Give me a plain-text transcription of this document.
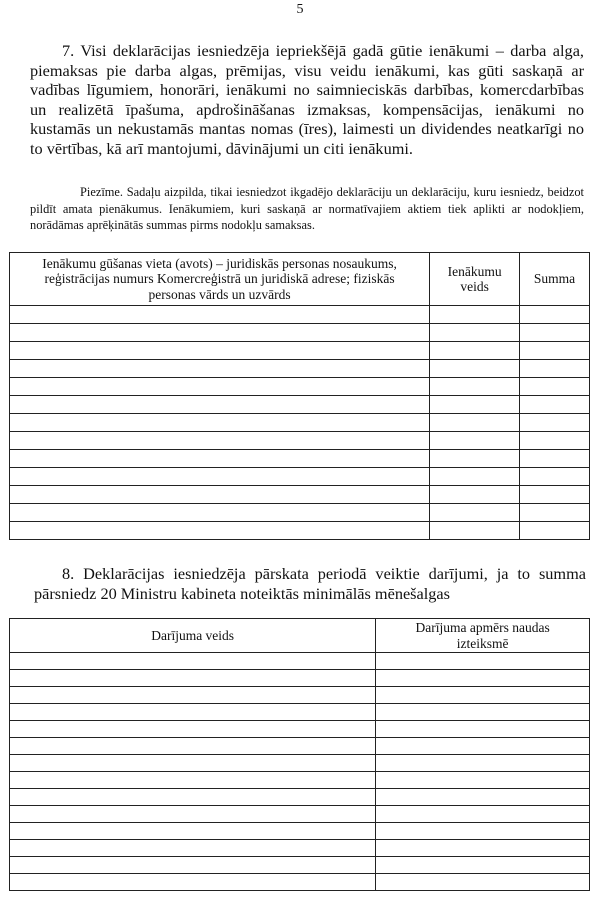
5

7. Visi deklarācijas iesniedzēja iepriekšējā gadā gūtie ienākumi – darba alga, piemaksas pie darba algas, prēmijas, visu veidu ienākumi, kas gūti saskaņā ar vadības līgumiem, honorāri, ienākumi no saimnieciskās darbības, komercdarbības un realizētā īpašuma, apdrošināšanas izmaksas, kompensācijas, ienākumi no kustamās un nekustamās mantas nomas (īres), laimesti un dividendes neatkarīgi no to vērtības, kā arī mantojumi, dāvinājumi un citi ienākumi.

Piezīme. Sadaļu aizpilda, tikai iesniedzot ikgadējo deklarāciju un deklarāciju, kuru iesniedz, beidzot pildīt amata pienākumus. Ienākumiem, kuri saskaņā ar normatīvajiem aktiem tiek aplikti ar nodokļiem, norādāmas aprēķinātās summas pirms nodokļu samaksas.

Ienākumu gūšanas vieta (avots) – juridiskās personas nosaukums, reģistrācijas numurs Komercreģistrā un juridiskā adrese; fiziskās personas vārds un uzvārds	Ienākumu veids	Summa

8. Deklarācijas iesniedzēja pārskata periodā veiktie darījumi, ja to summa pārsniedz 20 Ministru kabineta noteiktās minimālās mēnešalgas

Darījuma veids	Darījuma apmērs naudas izteiksmē
